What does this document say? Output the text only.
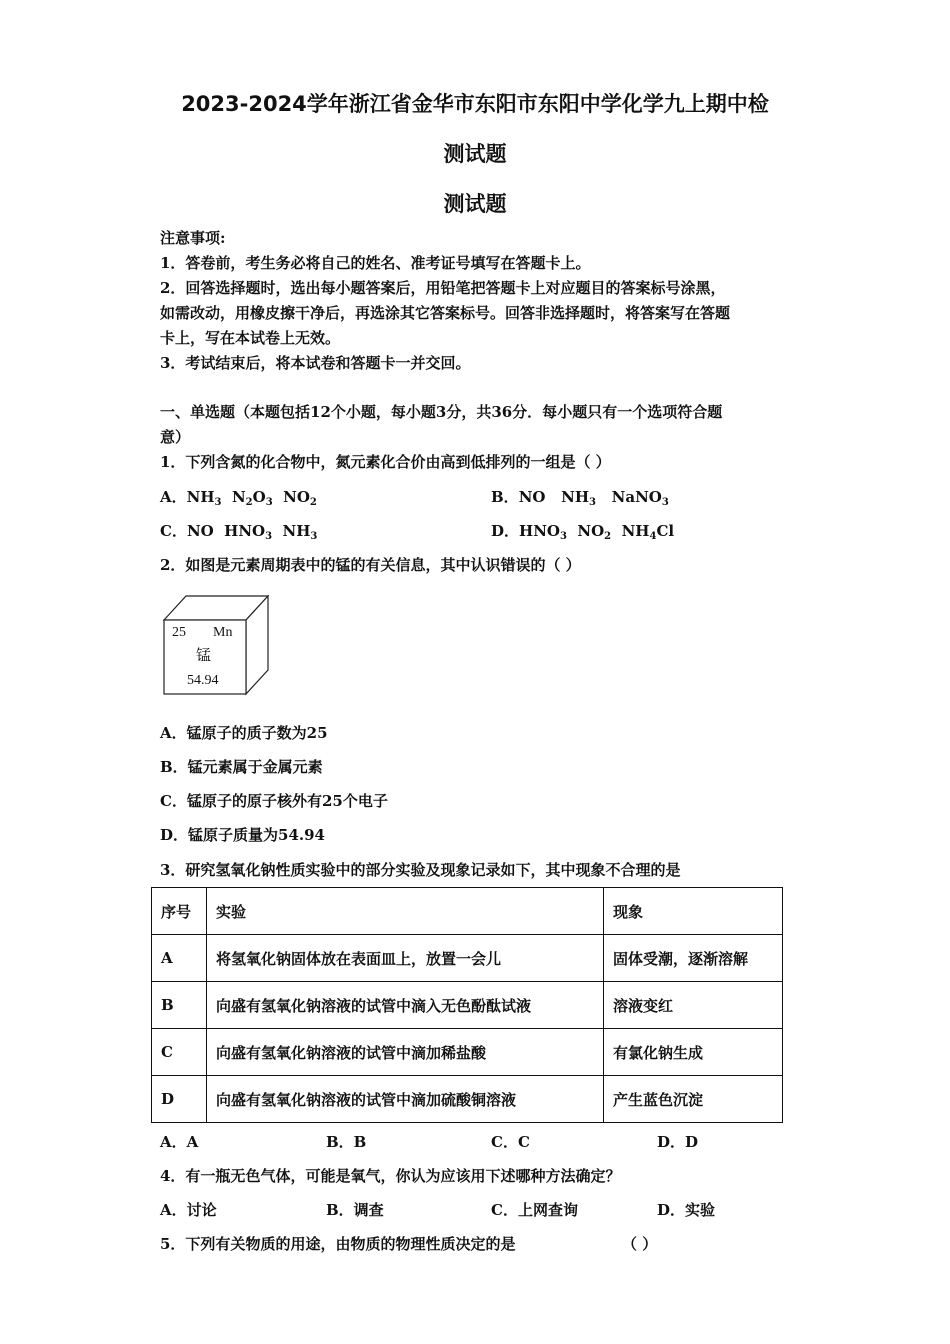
2023-2024学年浙江省金华市东阳市东阳中学化学九上期中检
测试题
测试题
注意事项:
1．答卷前，考生务必将自己的姓名、准考证号填写在答题卡上。
2．回答选择题时，选出每小题答案后，用铅笔把答题卡上对应题目的答案标号涂黑，
如需改动，用橡皮擦干净后，再选涂其它答案标号。回答非选择题时，将答案写在答题
卡上，写在本试卷上无效。
3．考试结束后，将本试卷和答题卡一并交回。
一、单选题（本题包括12个小题，每小题3分，共36分．每小题只有一个选项符合题
意）
1．下列含氮的化合物中，氮元素化合价由高到低排列的一组是（ ）
A．$NH_3$  $N_2O_3$  $NO_2$	B．NO   $NH_3$   NaNO$_3$
C．NO  $HNO_3$  $NH_3$	D．$HNO_3$  $NO_2$  $NH_4Cl$
2．如图是元素周期表中的锰的有关信息，其中认识错误的（ ）
25 Mn
锰
54.94
A．锰原子的质子数为25
B．锰元素属于金属元素
C．锰原子的原子核外有25个电子
D．锰原子质量为54.94
3．研究氢氧化钠性质实验中的部分实验及现象记录如下，其中现象不合理的是
序号	实验	现象
A	将氢氧化钠固体放在表面皿上，放置一会儿	固体受潮，逐渐溶解
B	向盛有氢氧化钠溶液的试管中滴入无色酚酞试液	溶液变红
C	向盛有氢氧化钠溶液的试管中滴加稀盐酸	有氯化钠生成
D	向盛有氢氧化钠溶液的试管中滴加硫酸铜溶液	产生蓝色沉淀
A．A	B．B	C．C	D．D
4．有一瓶无色气体，可能是氧气，你认为应该用下述哪种方法确定？
A．讨论	B．调查	C．上网查询	D．实验
5．下列有关物质的用途，由物质的物理性质决定的是	（ ）
